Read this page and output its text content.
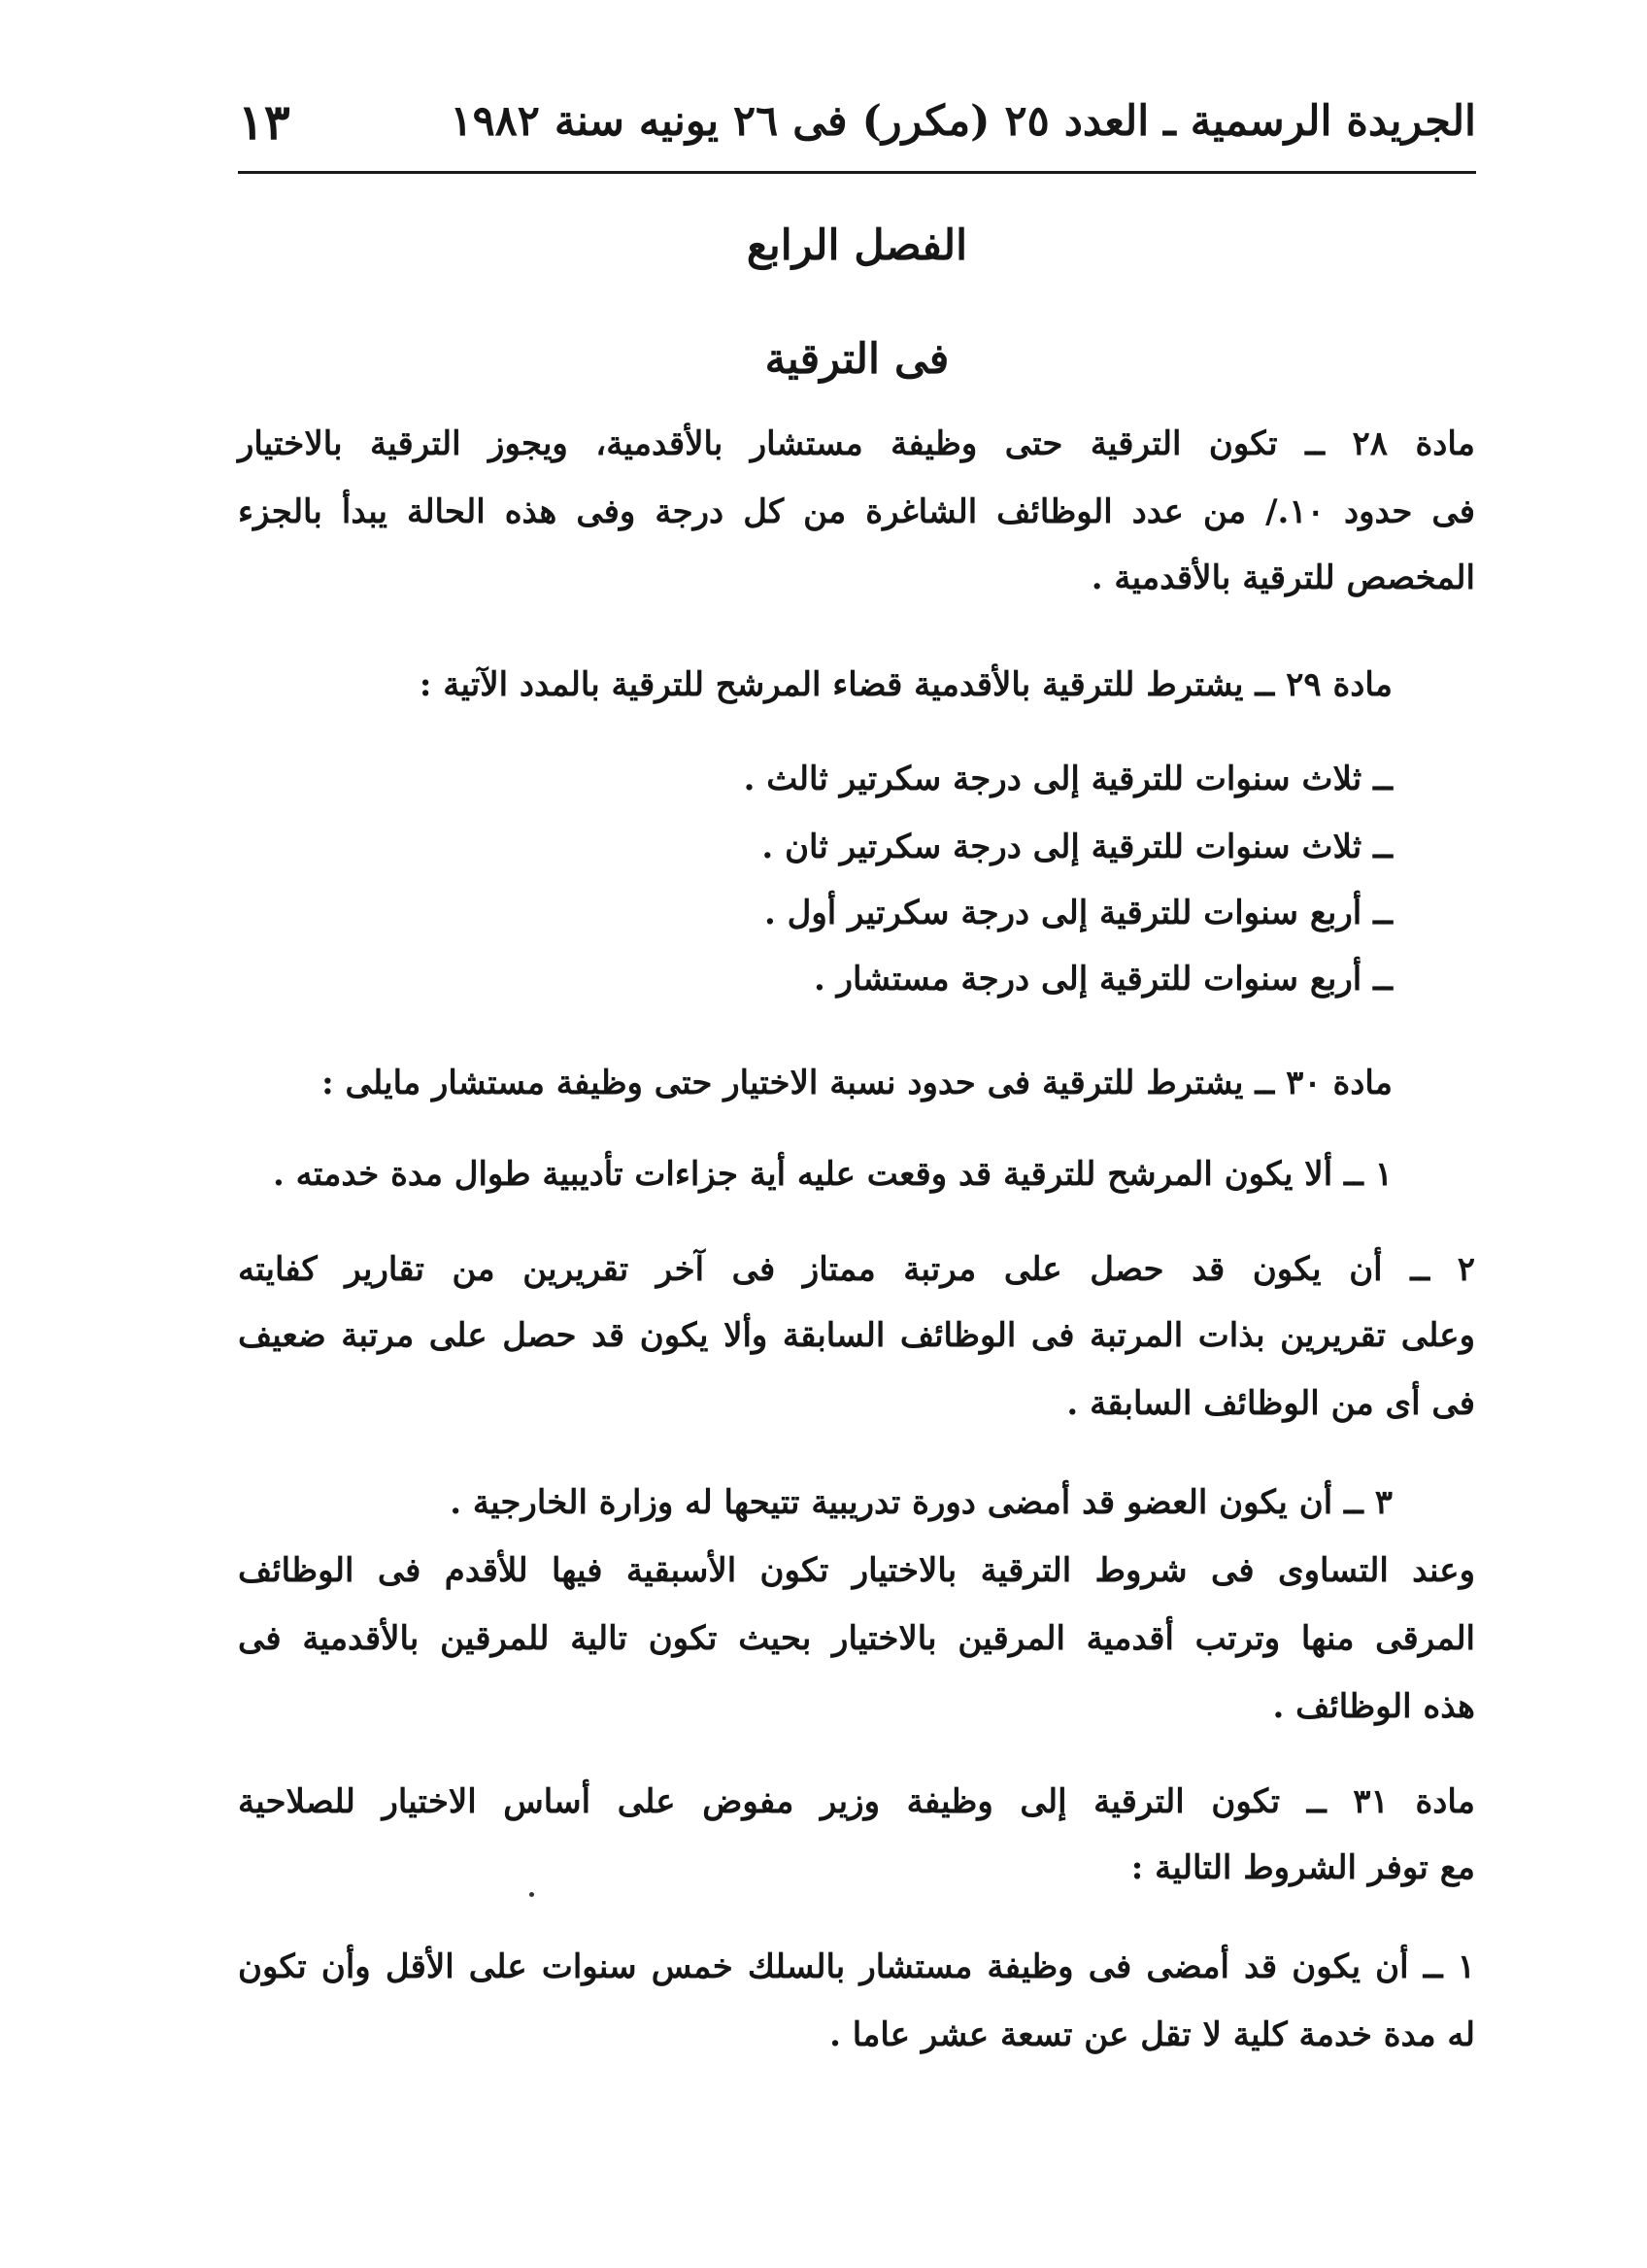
الجريدة الرسمية ـ العدد ٢٥ (مكرر) فى ٢٦ يونيه سنة ١٩٨٢
١٣
الفصل الرابع
فى الترقية
مادة ٢٨ ــ تكون الترقية حتى وظيفة مستشار بالأقدمية، ويجوز الترقية بالاختيار
فى حدود ١٠./ من عدد الوظائف الشاغرة من كل درجة وفى هذه الحالة يبدأ بالجزء
المخصص للترقية بالأقدمية .
مادة ٢٩ ــ يشترط للترقية بالأقدمية قضاء المرشح للترقية بالمدد الآتية :
ــ ثلاث سنوات للترقية إلى درجة سكرتير ثالث .
ــ ثلاث سنوات للترقية إلى درجة سكرتير ثان .
ــ أربع سنوات للترقية إلى درجة سكرتير أول .
ــ أربع سنوات للترقية إلى درجة مستشار .
مادة ٣٠ ــ يشترط للترقية فى حدود نسبة الاختيار حتى وظيفة مستشار مايلى :
١ ــ ألا يكون المرشح للترقية قد وقعت عليه أية جزاءات تأديبية طوال مدة خدمته .
٢ ــ أن يكون قد حصل على مرتبة ممتاز فى آخر تقريرين من تقارير كفايته
وعلى تقريرين بذات المرتبة فى الوظائف السابقة وألا يكون قد حصل على مرتبة ضعيف
فى أى من الوظائف السابقة .
٣ ــ أن يكون العضو قد أمضى دورة تدريبية تتيحها له وزارة الخارجية .
وعند التساوى فى شروط الترقية بالاختيار تكون الأسبقية فيها للأقدم فى الوظائف
المرقى منها وترتب أقدمية المرقين بالاختيار بحيث تكون تالية للمرقين بالأقدمية فى
هذه الوظائف .
مادة ٣١ ــ تكون الترقية إلى وظيفة وزير مفوض على أساس الاختيار للصلاحية
مع توفر الشروط التالية :
١ ــ أن يكون قد أمضى فى وظيفة مستشار بالسلك خمس سنوات على الأقل وأن تكون
له مدة خدمة كلية لا تقل عن تسعة عشر عاما .
